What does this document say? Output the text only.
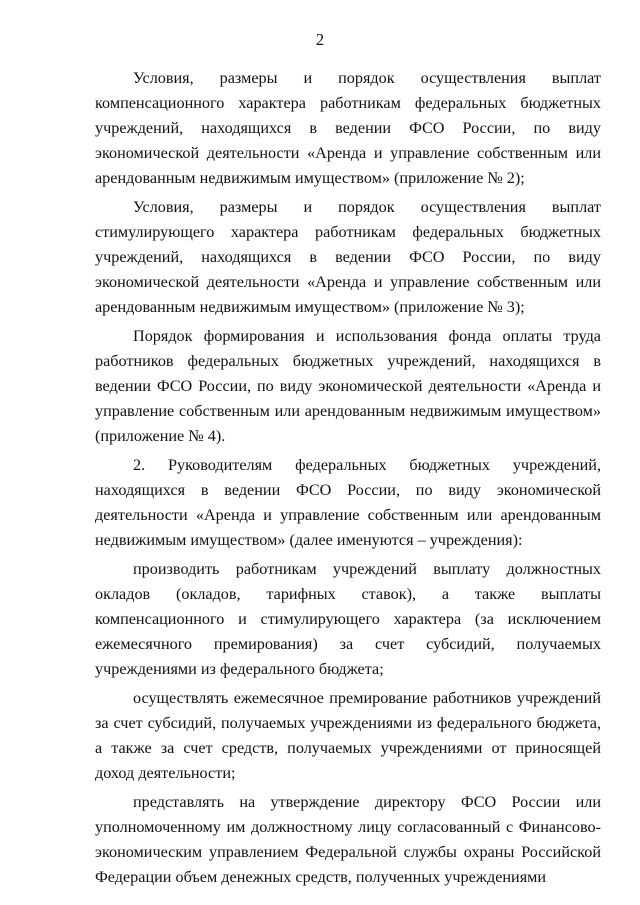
2

Условия, размеры и порядок осуществления выплат компенсационного характера работникам федеральных бюджетных учреждений, находящихся в ведении ФСО России, по виду экономической деятельности «Аренда и управление собственным или арендованным недвижимым имуществом» (приложение № 2);

Условия, размеры и порядок осуществления выплат стимулирующего характера работникам федеральных бюджетных учреждений, находящихся в ведении ФСО России, по виду экономической деятельности «Аренда и управление собственным или арендованным недвижимым имуществом» (приложение № 3);

Порядок формирования и использования фонда оплаты труда работников федеральных бюджетных учреждений, находящихся в ведении ФСО России, по виду экономической деятельности «Аренда и управление собственным или арендованным недвижимым имуществом» (приложение № 4).

2. Руководителям федеральных бюджетных учреждений, находящихся в ведении ФСО России, по виду экономической деятельности «Аренда и управление собственным или арендованным недвижимым имуществом» (далее именуются – учреждения):

производить работникам учреждений выплату должностных окладов (окладов, тарифных ставок), а также выплаты компенсационного и стимулирующего характера (за исключением ежемесячного премирования) за счет субсидий, получаемых учреждениями из федерального бюджета;

осуществлять ежемесячное премирование работников учреждений за счет субсидий, получаемых учреждениями из федерального бюджета, а также за счет средств, получаемых учреждениями от приносящей доход деятельности;

представлять на утверждение директору ФСО России или уполномоченному им должностному лицу согласованный с Финансово-экономическим управлением Федеральной службы охраны Российской Федерации объем денежных средств, полученных учреждениями
